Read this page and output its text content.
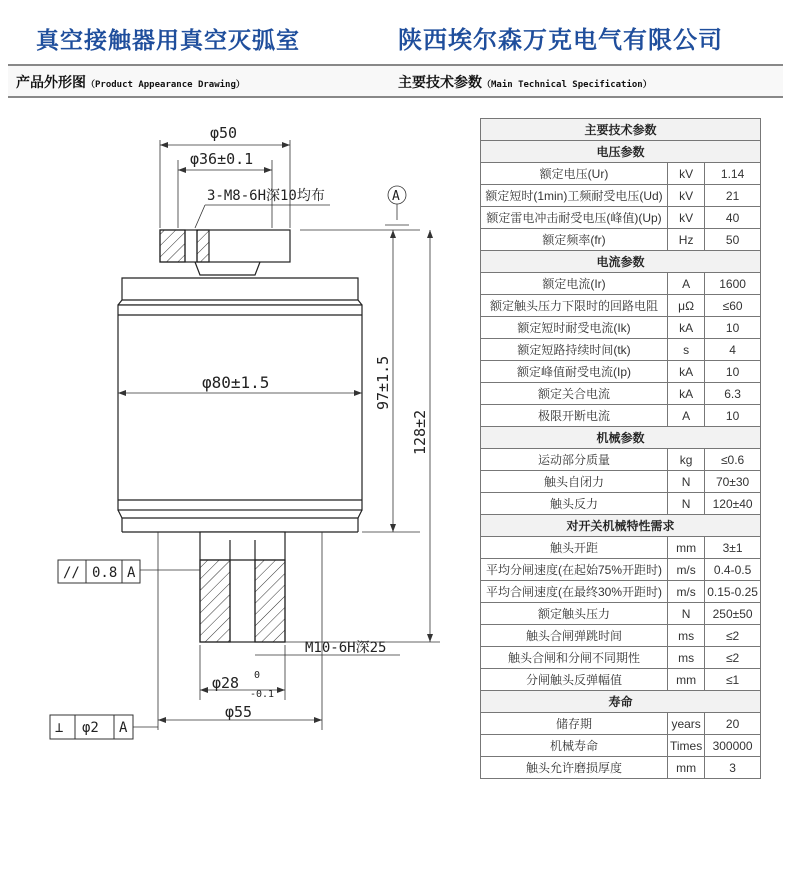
真空接触器用真空灭弧室	陕西埃尔森万克电气有限公司
产品外形图（Product Appearance Drawing）	主要技术参数（Main Technical Specification）
φ50
φ36±0.1
3-M8-6H深10均布	A
φ80±1.5	97±1.5
128±2
M10-6H深25
φ28 0
-0.1
φ55
// 0.8 A
⊥ φ2 A
主要技术参数		
电压参数		
额定电压(Ur)	kV	1.14
额定短时(1min)工频耐受电压(Ud)	kV	21
额定雷电冲击耐受电压(峰值)(Up)	kV	40
额定频率(fr)	Hz	50
电流参数		
额定电流(Ir)	A	1600
额定触头压力下限时的回路电阻	μΩ	≤60
额定短时耐受电流(Ik)	kA	10
额定短路持续时间(tk)	s	4
额定峰值耐受电流(Ip)	kA	10
额定关合电流	kA	6.3
极限开断电流	A	10
机械参数		
运动部分质量	kg	≤0.6
触头自闭力	N	70±30
触头反力	N	120±40
对开关机械特性需求		
触头开距	mm	3±1
平均分闸速度(在起始75%开距时)	m/s	0.4-0.5
平均合闸速度(在最终30%开距时)	m/s	0.15-0.25
额定触头压力	N	250±50
触头合闸弹跳时间	ms	≤2
触头合闸和分闸不同期性	ms	≤2
分闸触头反弹幅值	mm	≤1
寿命		
储存期	years	20
机械寿命	Times	300000
触头允许磨损厚度	mm	3
